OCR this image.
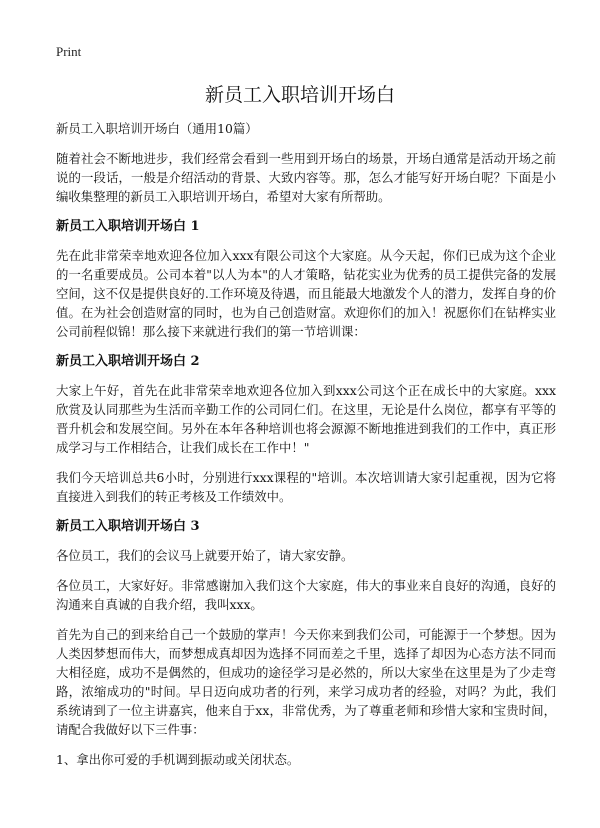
Print
新员工入职培训开场白

新员工入职培训开场白（通用10篇）

随着社会不断地进步，我们经常会看到一些用到开场白的场景，开场白通常是活动开场之前说的一段话，一般是介绍活动的背景、大致内容等。那，怎么才能写好开场白呢？下面是小编收集整理的新员工入职培训开场白，希望对大家有所帮助。

新员工入职培训开场白 1

先在此非常荣幸地欢迎各位加入xxx有限公司这个大家庭。从今天起，你们已成为这个企业的一名重要成员。公司本着"以人为本"的人才策略，钻花实业为优秀的员工提供完备的发展空间，这不仅是提供良好的.工作环境及待遇，而且能最大地激发个人的潜力，发挥自身的价值。在为社会创造财富的同时，也为自己创造财富。欢迎你们的加入！祝愿你们在钻桦实业公司前程似锦！那么接下来就进行我们的第一节培训课：

新员工入职培训开场白 2

大家上午好，首先在此非常荣幸地欢迎各位加入到xxx公司这个正在成长中的大家庭。xxx欣赏及认同那些为生活而辛勤工作的公司同仁们。在这里，无论是什么岗位，都享有平等的晋升机会和发展空间。另外在本年各种培训也将会源源不断地推进到我们的工作中，真正形成学习与工作相结合，让我们成长在工作中！"

我们今天培训总共6小时，分别进行xxx课程的"培训。本次培训请大家引起重视，因为它将直接进入到我们的转正考核及工作绩效中。

新员工入职培训开场白 3

各位员工，我们的会议马上就要开始了，请大家安静。

各位员工，大家好好。非常感谢加入我们这个大家庭，伟大的事业来自良好的沟通，良好的沟通来自真诚的自我介绍，我叫xxx。

首先为自己的到来给自己一个鼓励的掌声！今天你来到我们公司，可能源于一个梦想。因为人类因梦想而伟大，而梦想成真却因为选择不同而差之千里，选择了却因为心态方法不同而大相径庭，成功不是偶然的，但成功的途径学习是必然的，所以大家坐在这里是为了少走弯路，浓缩成功的"时间。早日迈向成功者的行列，来学习成功者的经验，对吗？为此，我们系统请到了一位主讲嘉宾，他来自于xx，非常优秀，为了尊重老师和珍惜大家和宝贵时间，请配合我做好以下三件事：

1、拿出你可爱的手机调到振动或关闭状态。
